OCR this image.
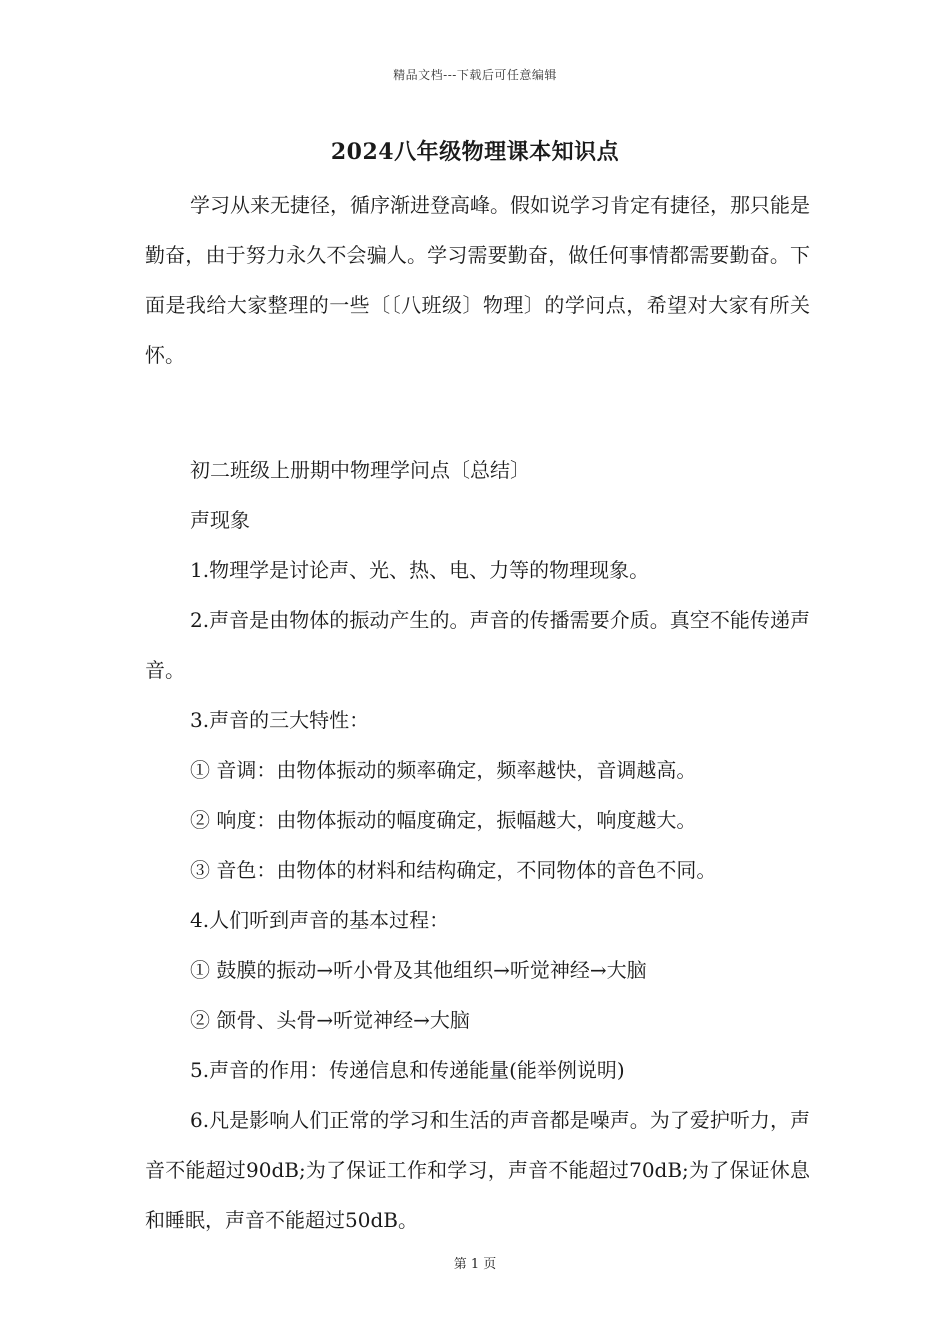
精品文档---下载后可任意编辑
2024八年级物理课本知识点

学习从来无捷径，循序渐进登高峰。假如说学习肯定有捷径，那只能是勤奋，由于努力永久不会骗人。学习需要勤奋，做任何事情都需要勤奋。下面是我给大家整理的一些〔〔八班级〕物理〕的学问点，希望对大家有所关怀。

初二班级上册期中物理学问点〔总结〕

声现象

1.物理学是讨论声、光、热、电、力等的物理现象。

2.声音是由物体的振动产生的。声音的传播需要介质。真空不能传递声音。

3.声音的三大特性：

① 音调：由物体振动的频率确定，频率越快，音调越高。

② 响度：由物体振动的幅度确定，振幅越大，响度越大。

③ 音色：由物体的材料和结构确定，不同物体的音色不同。

4.人们听到声音的基本过程：

① 鼓膜的振动→听小骨及其他组织→听觉神经→大脑

② 颌骨、头骨→听觉神经→大脑

5.声音的作用：传递信息和传递能量(能举例说明)

6.凡是影响人们正常的学习和生活的声音都是噪声。为了爱护听力，声音不能超过90dB;为了保证工作和学习，声音不能超过70dB;为了保证休息和睡眠，声音不能超过50dB。

第 1 页
